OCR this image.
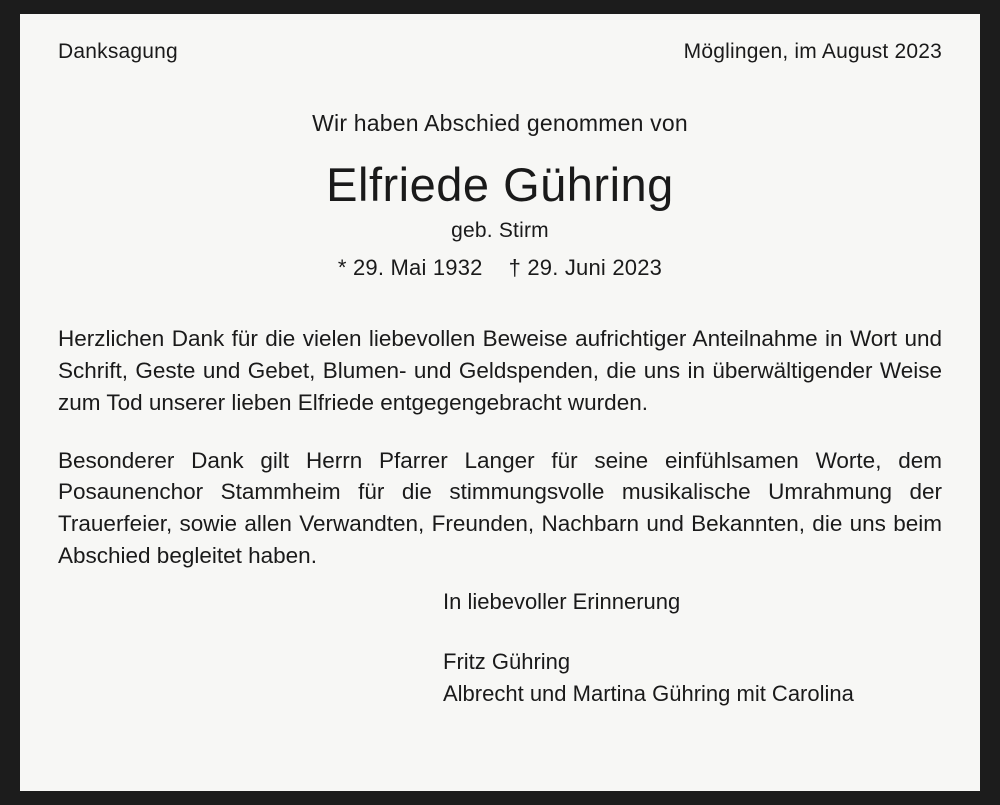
Danksagung	Möglingen, im August 2023
Wir haben Abschied genommen von
Elfriede Gühring
geb. Stirm
* 29. Mai 1932 † 29. Juni 2023

Herzlichen Dank für die vielen liebevollen Beweise aufrichtiger Anteilnahme in Wort und Schrift, Geste und Gebet, Blumen- und Geldspenden, die uns in überwältigender Weise zum Tod unserer lieben Elfriede entgegengebracht wurden.

Besonderer Dank gilt Herrn Pfarrer Langer für seine einfühlsamen Worte, dem Posaunenchor Stammheim für die stimmungsvolle musikalische Umrahmung der Trauerfeier, sowie allen Verwandten, Freunden, Nachbarn und Bekannten, die uns beim Abschied begleitet haben.

In liebevoller Erinnerung
Fritz Gühring
Albrecht und Martina Gühring mit Carolina
